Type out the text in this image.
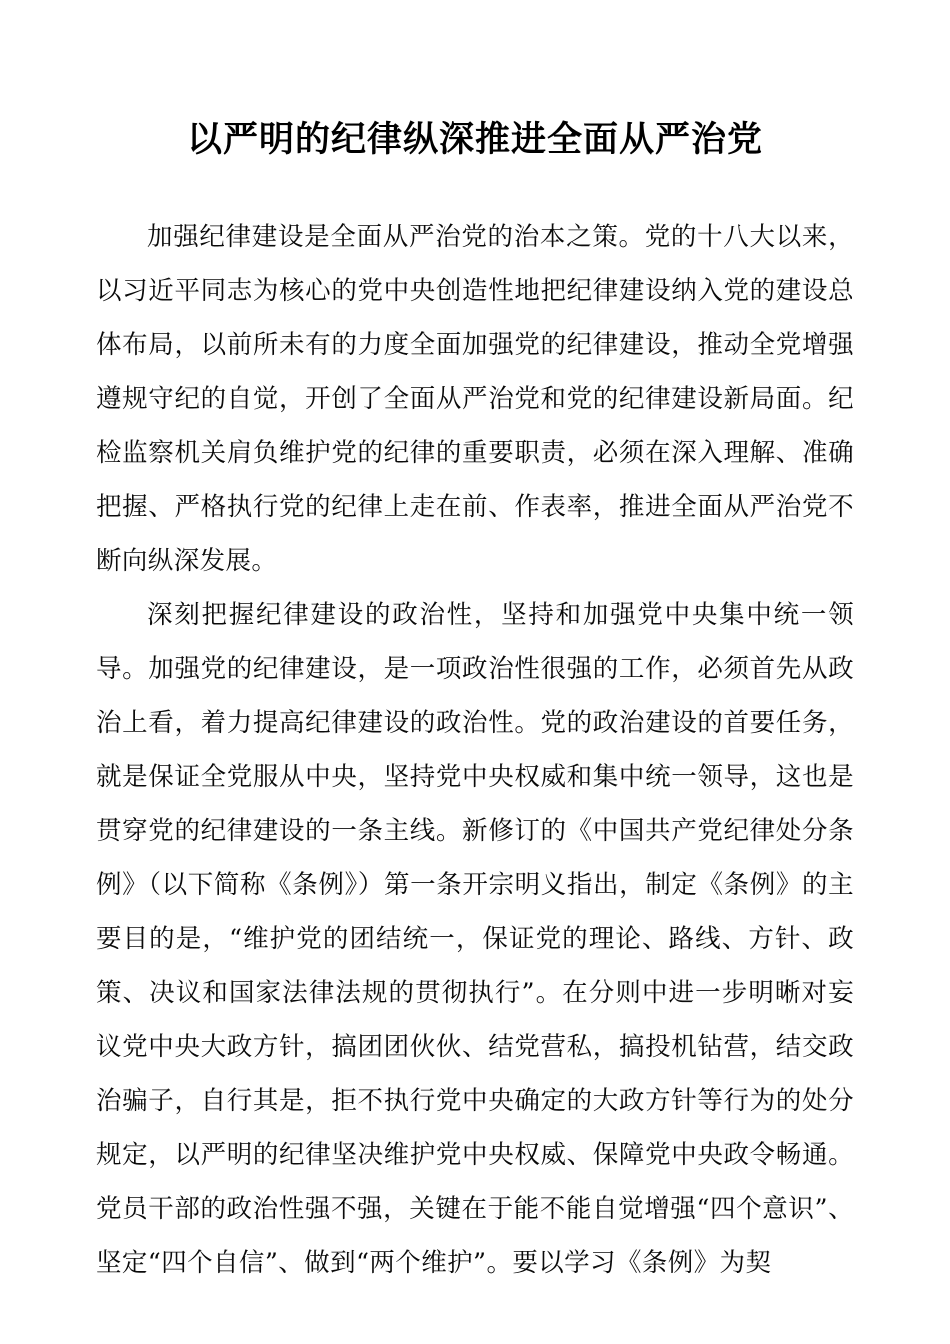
以严明的纪律纵深推进全面从严治党

加强纪律建设是全面从严治党的治本之策。党的十八大以来，以习近平同志为核心的党中央创造性地把纪律建设纳入党的建设总体布局，以前所未有的力度全面加强党的纪律建设，推动全党增强遵规守纪的自觉，开创了全面从严治党和党的纪律建设新局面。纪检监察机关肩负维护党的纪律的重要职责，必须在深入理解、准确把握、严格执行党的纪律上走在前、作表率，推进全面从严治党不断向纵深发展。

深刻把握纪律建设的政治性，坚持和加强党中央集中统一领导。加强党的纪律建设，是一项政治性很强的工作，必须首先从政治上看，着力提高纪律建设的政治性。党的政治建设的首要任务，就是保证全党服从中央，坚持党中央权威和集中统一领导，这也是贯穿党的纪律建设的一条主线。新修订的《中国共产党纪律处分条例》（以下简称《条例》）第一条开宗明义指出，制定《条例》的主要目的是，“维护党的团结统一，保证党的理论、路线、方针、政策、决议和国家法律法规的贯彻执行”。在分则中进一步明晰对妄议党中央大政方针，搞团团伙伙、结党营私，搞投机钻营，结交政治骗子，自行其是，拒不执行党中央确定的大政方针等行为的处分规定，以严明的纪律坚决维护党中央权威、保障党中央政令畅通。党员干部的政治性强不强，关键在于能不能自觉增强“四个意识”、坚定“四个自信”、做到“两个维护”。要以学习《条例》为契
